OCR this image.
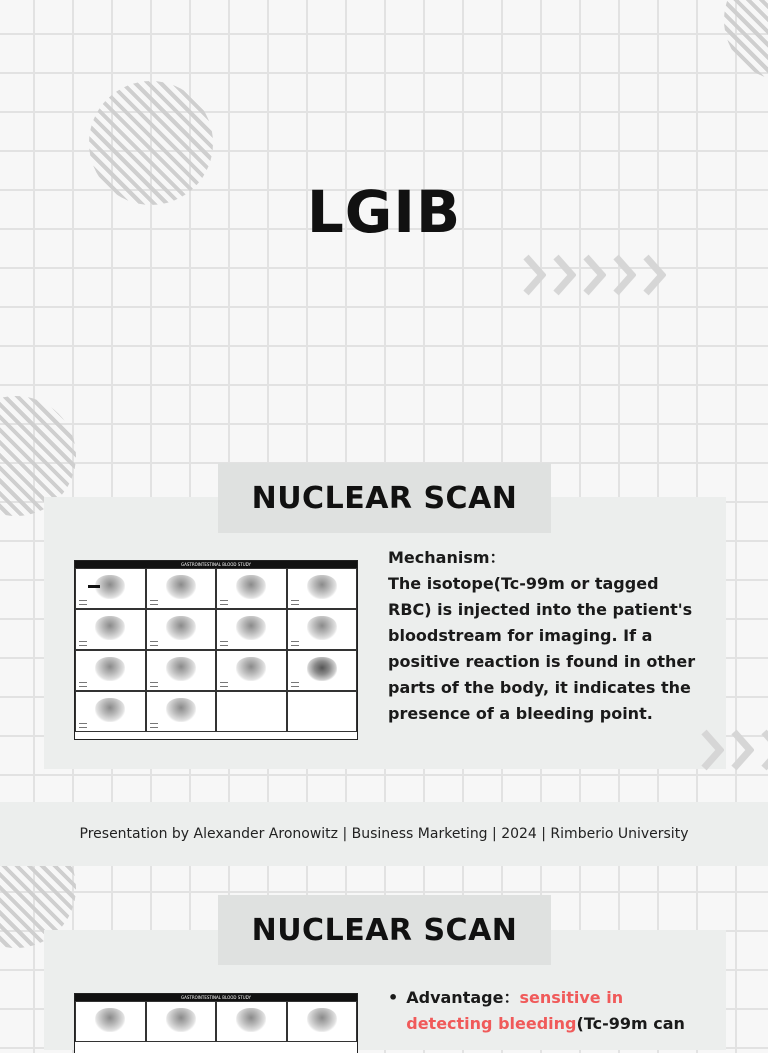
LGIB
NUCLEAR SCAN
GASTROINTESTINAL BLOOD STUDY	Mechanism：

The isotope(Tc-99m or tagged RBC) is injected into the patient's bloodstream for imaging. If a positive reaction is found in other parts of the body, it indicates the presence of a bleeding point.

Presentation by Alexander Aronowitz | Business Marketing | 2024 | Rimberio University
NUCLEAR SCAN
GASTROINTESTINAL BLOOD STUDY	• Advantage：sensitive in detecting bleeding(Tc-99m can
